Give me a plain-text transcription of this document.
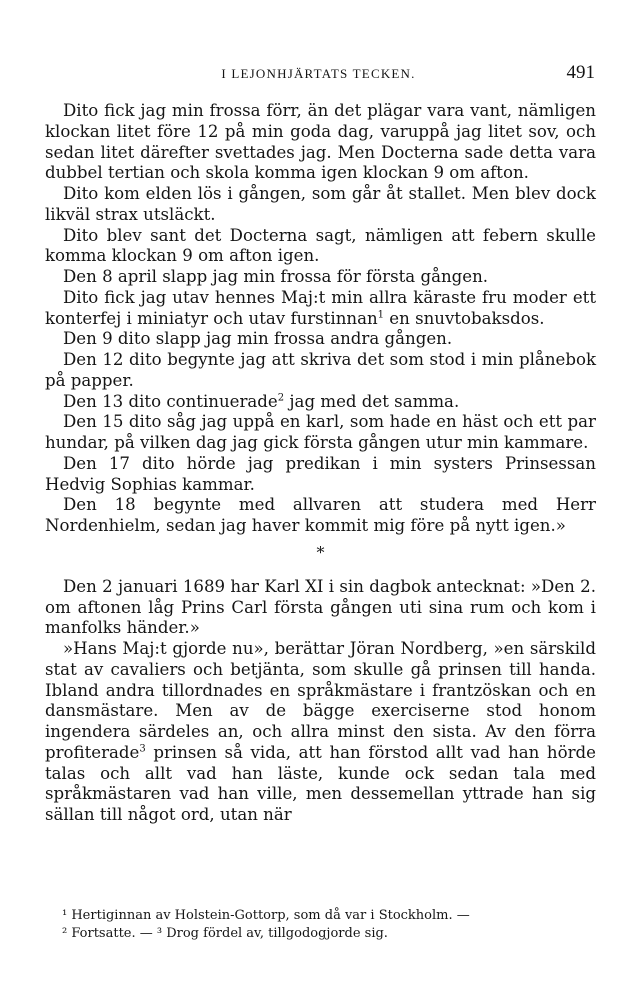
I LEJONHJÄRTATS TECKEN.	491

Dito fick jag min frossa förr, än det plägar vara vant, nämligen klockan litet före 12 på min goda dag, varuppå jag litet sov, och sedan litet därefter svettades jag. Men Docterna sade detta vara dubbel tertian och skola komma igen klockan 9 om afton.

Dito kom elden lös i gången, som går åt stallet. Men blev dock likväl strax utsläckt.

Dito blev sant det Docterna sagt, nämligen att febern skulle komma klockan 9 om afton igen.

Den 8 april slapp jag min frossa för första gången.

Dito fick jag utav hennes Maj:t min allra käraste fru moder ett konterfej i miniatyr och utav furstinnan$^1$ en snuvtobaksdos.

Den 9 dito slapp jag min frossa andra gången.

Den 12 dito begynte jag att skriva det som stod i min plånebok på papper.

Den 13 dito continuerade$^2$ jag med det samma.

Den 15 dito såg jag uppå en karl, som hade en häst och ett par hundar, på vilken dag jag gick första gången utur min kammare.

Den 17 dito hörde jag predikan i min systers Prinsessan Hedvig Sophias kammar.

Den 18 begynte med allvaren att studera med Herr Nordenhielm, sedan jag haver kommit mig före på nytt igen.»

*

Den 2 januari 1689 har Karl XI i sin dagbok antecknat: »Den 2. om aftonen låg Prins Carl första gången uti sina rum och kom i manfolks händer.»

»Hans Maj:t gjorde nu», berättar Jöran Nordberg, »en särskild stat av cavaliers och betjänta, som skulle gå prinsen till handa. Ibland andra tillordnades en språkmästare i frantzöskan och en dansmästare. Men av de bägge exerciserne stod honom ingendera särdeles an, och allra minst den sista. Av den förra profiterade$^3$ prinsen så vida, att han förstod allt vad han hörde talas och allt vad han läste, kunde ock sedan tala med språkmästaren vad han ville, men dessemellan yttrade han sig sällan till något ord, utan när

¹ Hertiginnan av Holstein-Gottorp, som då var i Stockholm. —

² Fortsatte. — ³ Drog fördel av, tillgodogjorde sig.
